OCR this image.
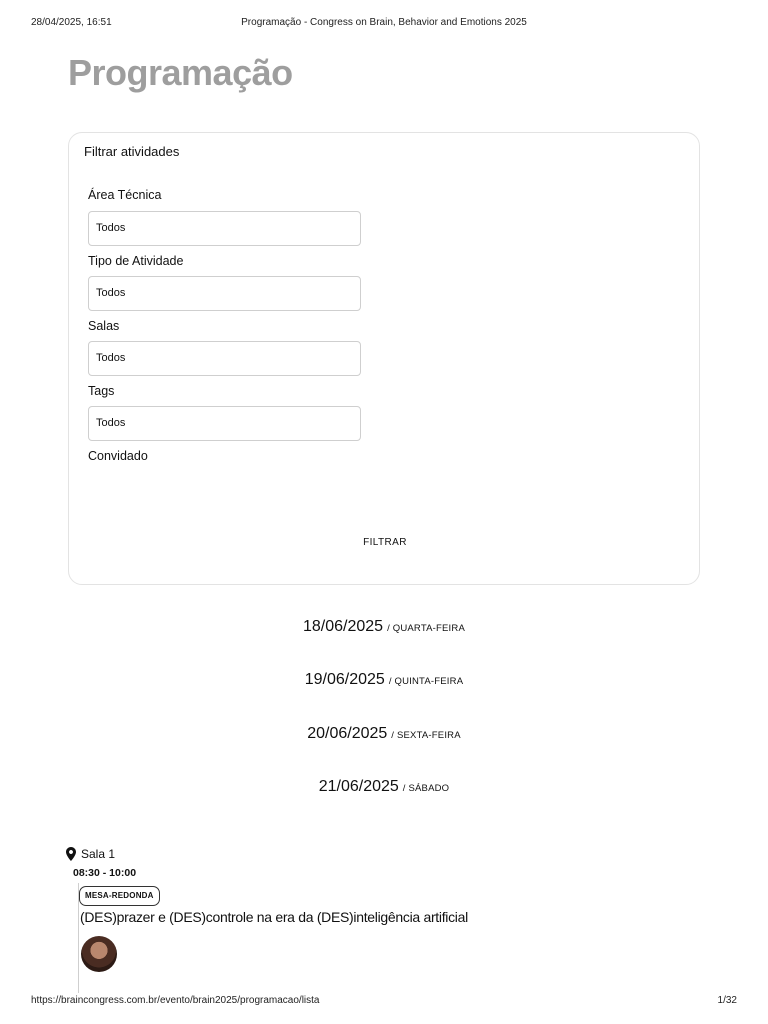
28/04/2025, 16:51	Programação - Congress on Brain, Behavior and Emotions 2025
Programação
Filtrar atividades
Área Técnica
Todos
Tipo de Atividade
Todos
Salas
Todos
Tags
Todos
Convidado
FILTRAR
18/06/2025 / QUARTA-FEIRA
19/06/2025 / QUINTA-FEIRA
20/06/2025 / SEXTA-FEIRA
21/06/2025 / SÁBADO
Sala 1
08:30 - 10:00
MESA-REDONDA
(DES)prazer e (DES)controle na era da (DES)inteligência artificial
https://braincongress.com.br/evento/brain2025/programacao/lista	1/32
